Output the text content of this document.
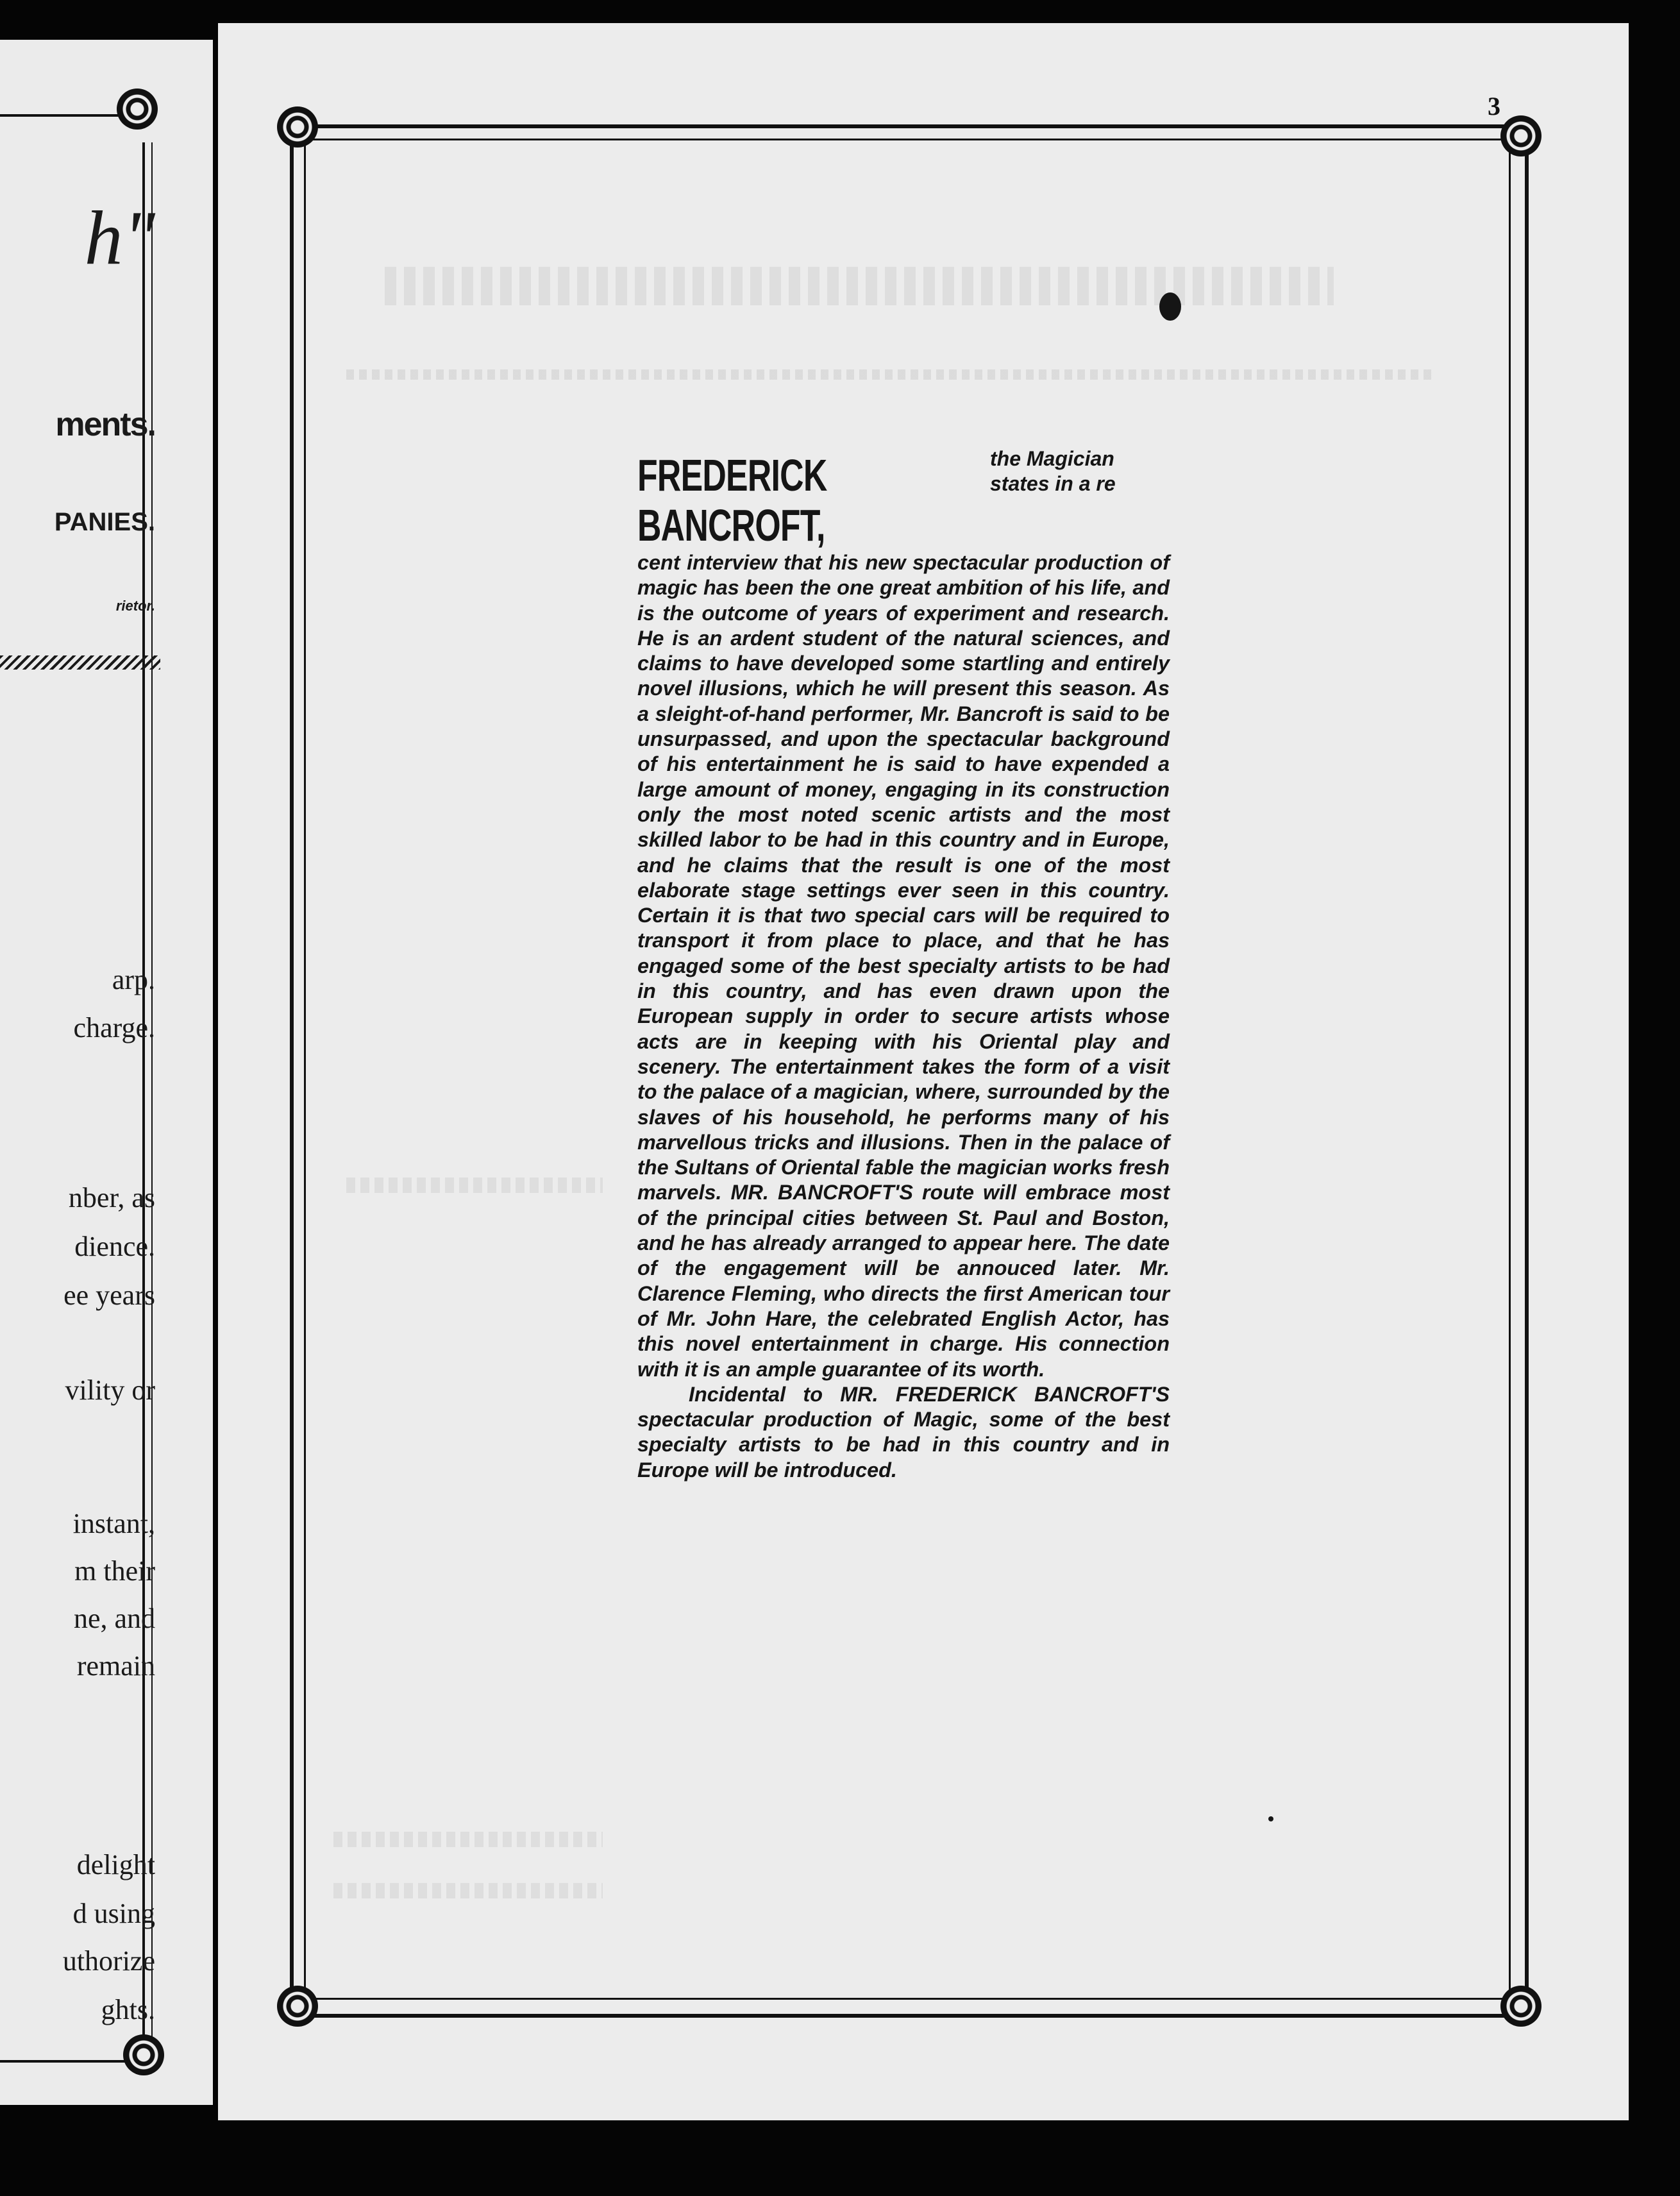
h"
ments.
PANIES.
rietor.
arp.
charge.
nber, as
dience.
ee years
vility or
instant,
m their
ne, and
remain
delight
d using
uthorize
ghts.
3
FREDERICK BANCROFT,
the Magician
states in a re

cent interview that his new spectacular production of magic has been the one great ambition of his life, and is the outcome of years of experiment and research. He is an ardent student of the natural sciences, and claims to have developed some startling and entirely novel illusions, which he will present this season. As a sleight-of-hand performer, Mr. Bancroft is said to be unsurpassed, and upon the spectacular background of his entertainment he is said to have expended a large amount of money, engaging in its construction only the most noted scenic artists and the most skilled labor to be had in this country and in Europe, and he claims that the result is one of the most elaborate stage settings ever seen in this country. Certain it is that two special cars will be required to transport it from place to place, and that he has engaged some of the best specialty artists to be had in this country, and has even drawn upon the European supply in order to secure artists whose acts are in keeping with his Oriental play and scenery. The entertainment takes the form of a visit to the palace of a magician, where, surrounded by the slaves of his household, he performs many of his marvellous tricks and illusions. Then in the palace of the Sultans of Oriental fable the magician works fresh marvels. MR. BANCROFT'S route will embrace most of the principal cities between St. Paul and Boston, and he has already arranged to appear here. The date of the engagement will be annouced later. Mr. Clarence Fleming, who directs the first American tour of Mr. John Hare, the celebrated English Actor, has this novel entertainment in charge. His connection with it is an ample guarantee of its worth.

Incidental to MR. FREDERICK BANCROFT'S spectacular production of Magic, some of the best specialty artists to be had in this country and in Europe will be introduced.
